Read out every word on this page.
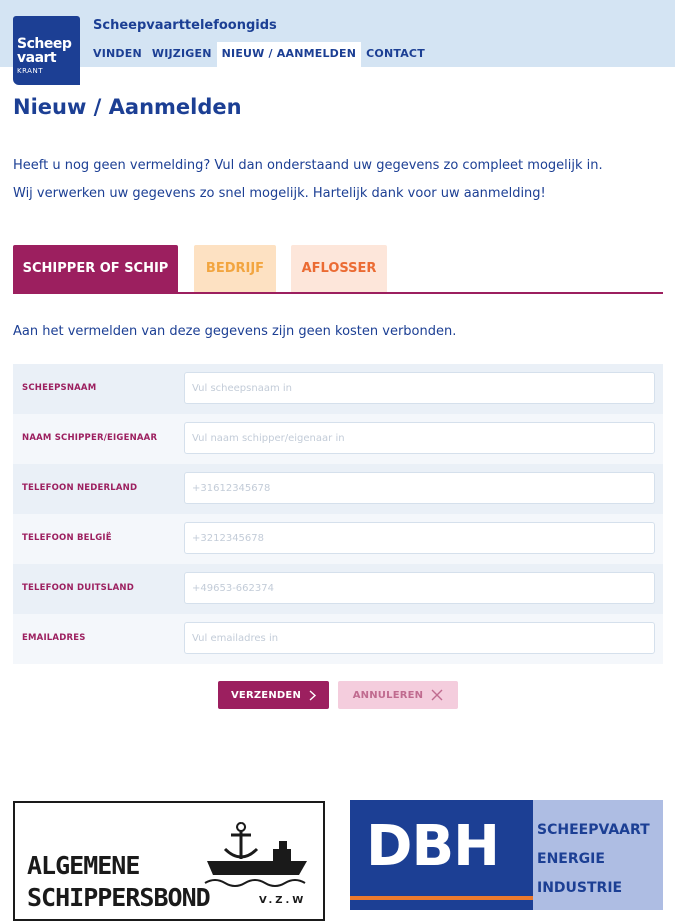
Scheepvaarttelefoongids
VINDEN WIJZIGEN NIEUW / AANMELDEN CONTACT
Scheep
vaart
KRANT
Nieuw / Aanmelden
Heeft u nog geen vermelding? Vul dan onderstaand uw gegevens zo compleet mogelijk in.
Wij verwerken uw gegevens zo snel mogelijk. Hartelijk dank voor uw aanmelding!
SCHIPPER OF SCHIP	BEDRIJF	AFLOSSER
Aan het vermelden van deze gegevens zijn geen kosten verbonden.
SCHEEPSNAAM
Vul scheepsnaam in
NAAM SCHIPPER/EIGENAAR
Vul naam schipper/eigenaar in
TELEFOON NEDERLAND
+31612345678
TELEFOON BELGIË
+3212345678
TELEFOON DUITSLAND
+49653-662374
EMAILADRES
Vul emailadres in
VERZENDEN	ANNULEREN
ALGEMENE
SCHIPPERSBOND	V.Z.W
DBH	SCHEEPVAART
ENERGIE
INDUSTRIE
